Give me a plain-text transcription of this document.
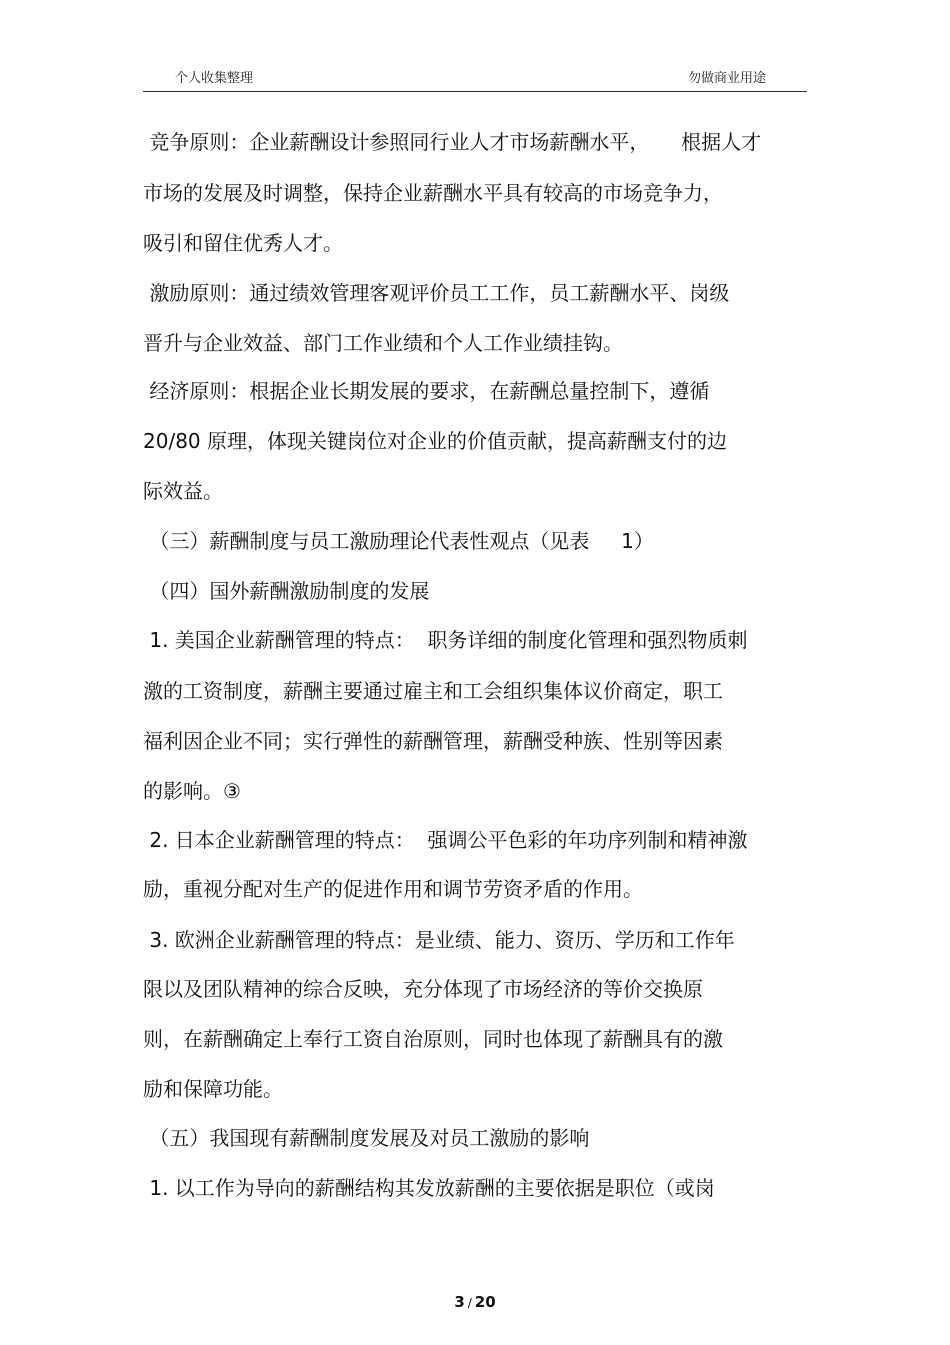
个人收集整理	勿做商业用途
竞争原则：企业薪酬设计参照同行业人才市场薪酬水平，     根据人才
市场的发展及时调整，保持企业薪酬水平具有较高的市场竞争力，
吸引和留住优秀人才。
激励原则：通过绩效管理客观评价员工工作，员工薪酬水平、岗级
晋升与企业效益、部门工作业绩和个人工作业绩挂钩。
经济原则：根据企业长期发展的要求，在薪酬总量控制下，遵循
20/80 原理，体现关键岗位对企业的价值贡献，提高薪酬支付的边
际效益。
（三）薪酬制度与员工激励理论代表性观点（见表     1）
（四）国外薪酬激励制度的发展
1. 美国企业薪酬管理的特点：  职务详细的制度化管理和强烈物质刺
激的工资制度，薪酬主要通过雇主和工会组织集体议价商定，职工
福利因企业不同；实行弹性的薪酬管理，薪酬受种族、性别等因素
的影响。③
2. 日本企业薪酬管理的特点：  强调公平色彩的年功序列制和精神激
励，重视分配对生产的促进作用和调节劳资矛盾的作用。
3. 欧洲企业薪酬管理的特点：是业绩、能力、资历、学历和工作年
限以及团队精神的综合反映，充分体现了市场经济的等价交换原
则，在薪酬确定上奉行工资自治原则，同时也体现了薪酬具有的激
励和保障功能。
（五）我国现有薪酬制度发展及对员工激励的影响
1. 以工作为导向的薪酬结构其发放薪酬的主要依据是职位（或岗
3 / 20
